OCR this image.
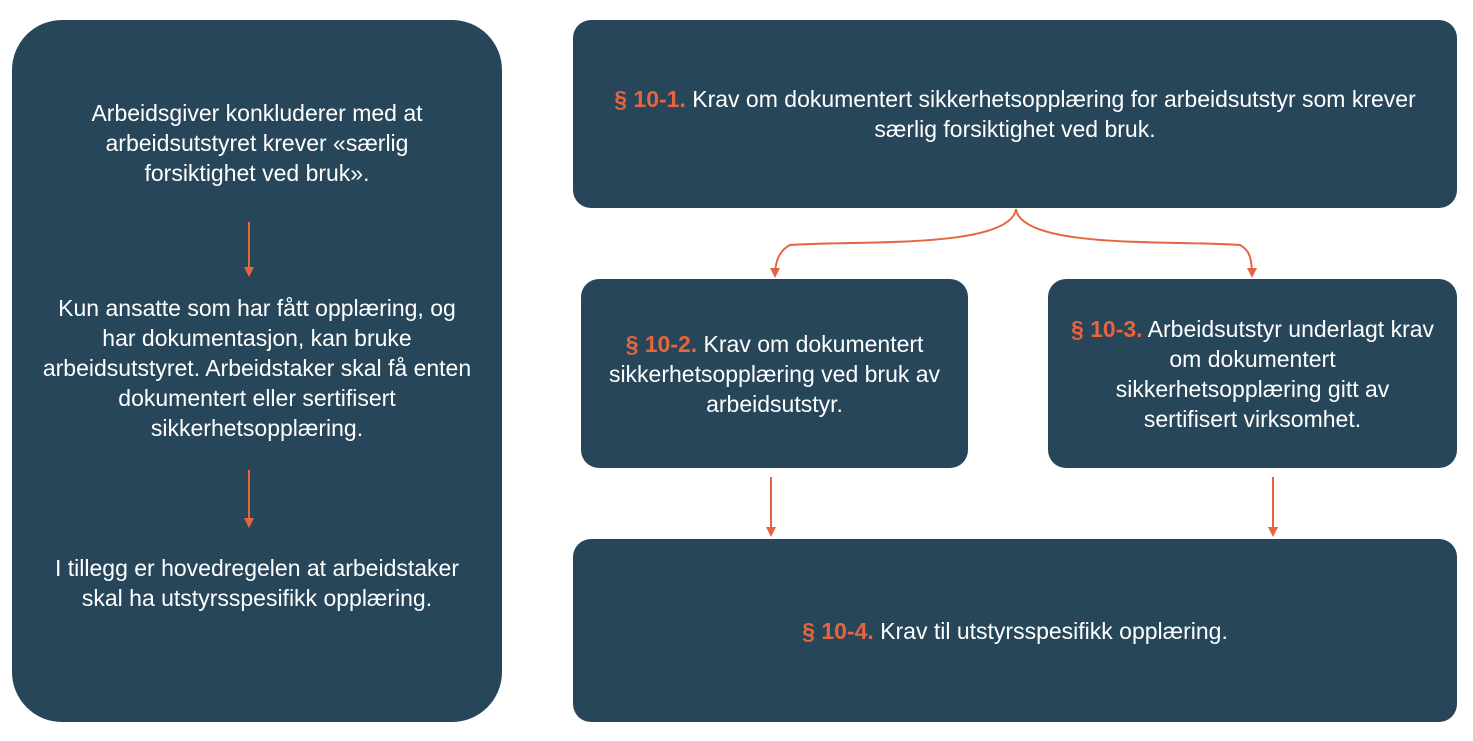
Arbeidsgiver konkluderer med at arbeidsutstyret krever «særlig forsiktighet ved bruk».
Kun ansatte som har fått opplæring, og har dokumentasjon, kan bruke arbeidsutstyret. Arbeidstaker skal få enten dokumentert eller sertifisert sikkerhetsopplæring.
I tillegg er hovedregelen at arbeidstaker skal ha utstyrsspesifikk opplæring.
§ 10-1. Krav om dokumentert sikkerhetsopplæring for arbeidsutstyr som krever særlig forsiktighet ved bruk.
§ 10-2. Krav om dokumentert sikkerhetsopplæring ved bruk av arbeidsutstyr.
§ 10-3. Arbeidsutstyr underlagt krav om dokumentert sikkerhetsopplæring gitt av sertifisert virksomhet.
§ 10-4. Krav til utstyrsspesifikk opplæring.
